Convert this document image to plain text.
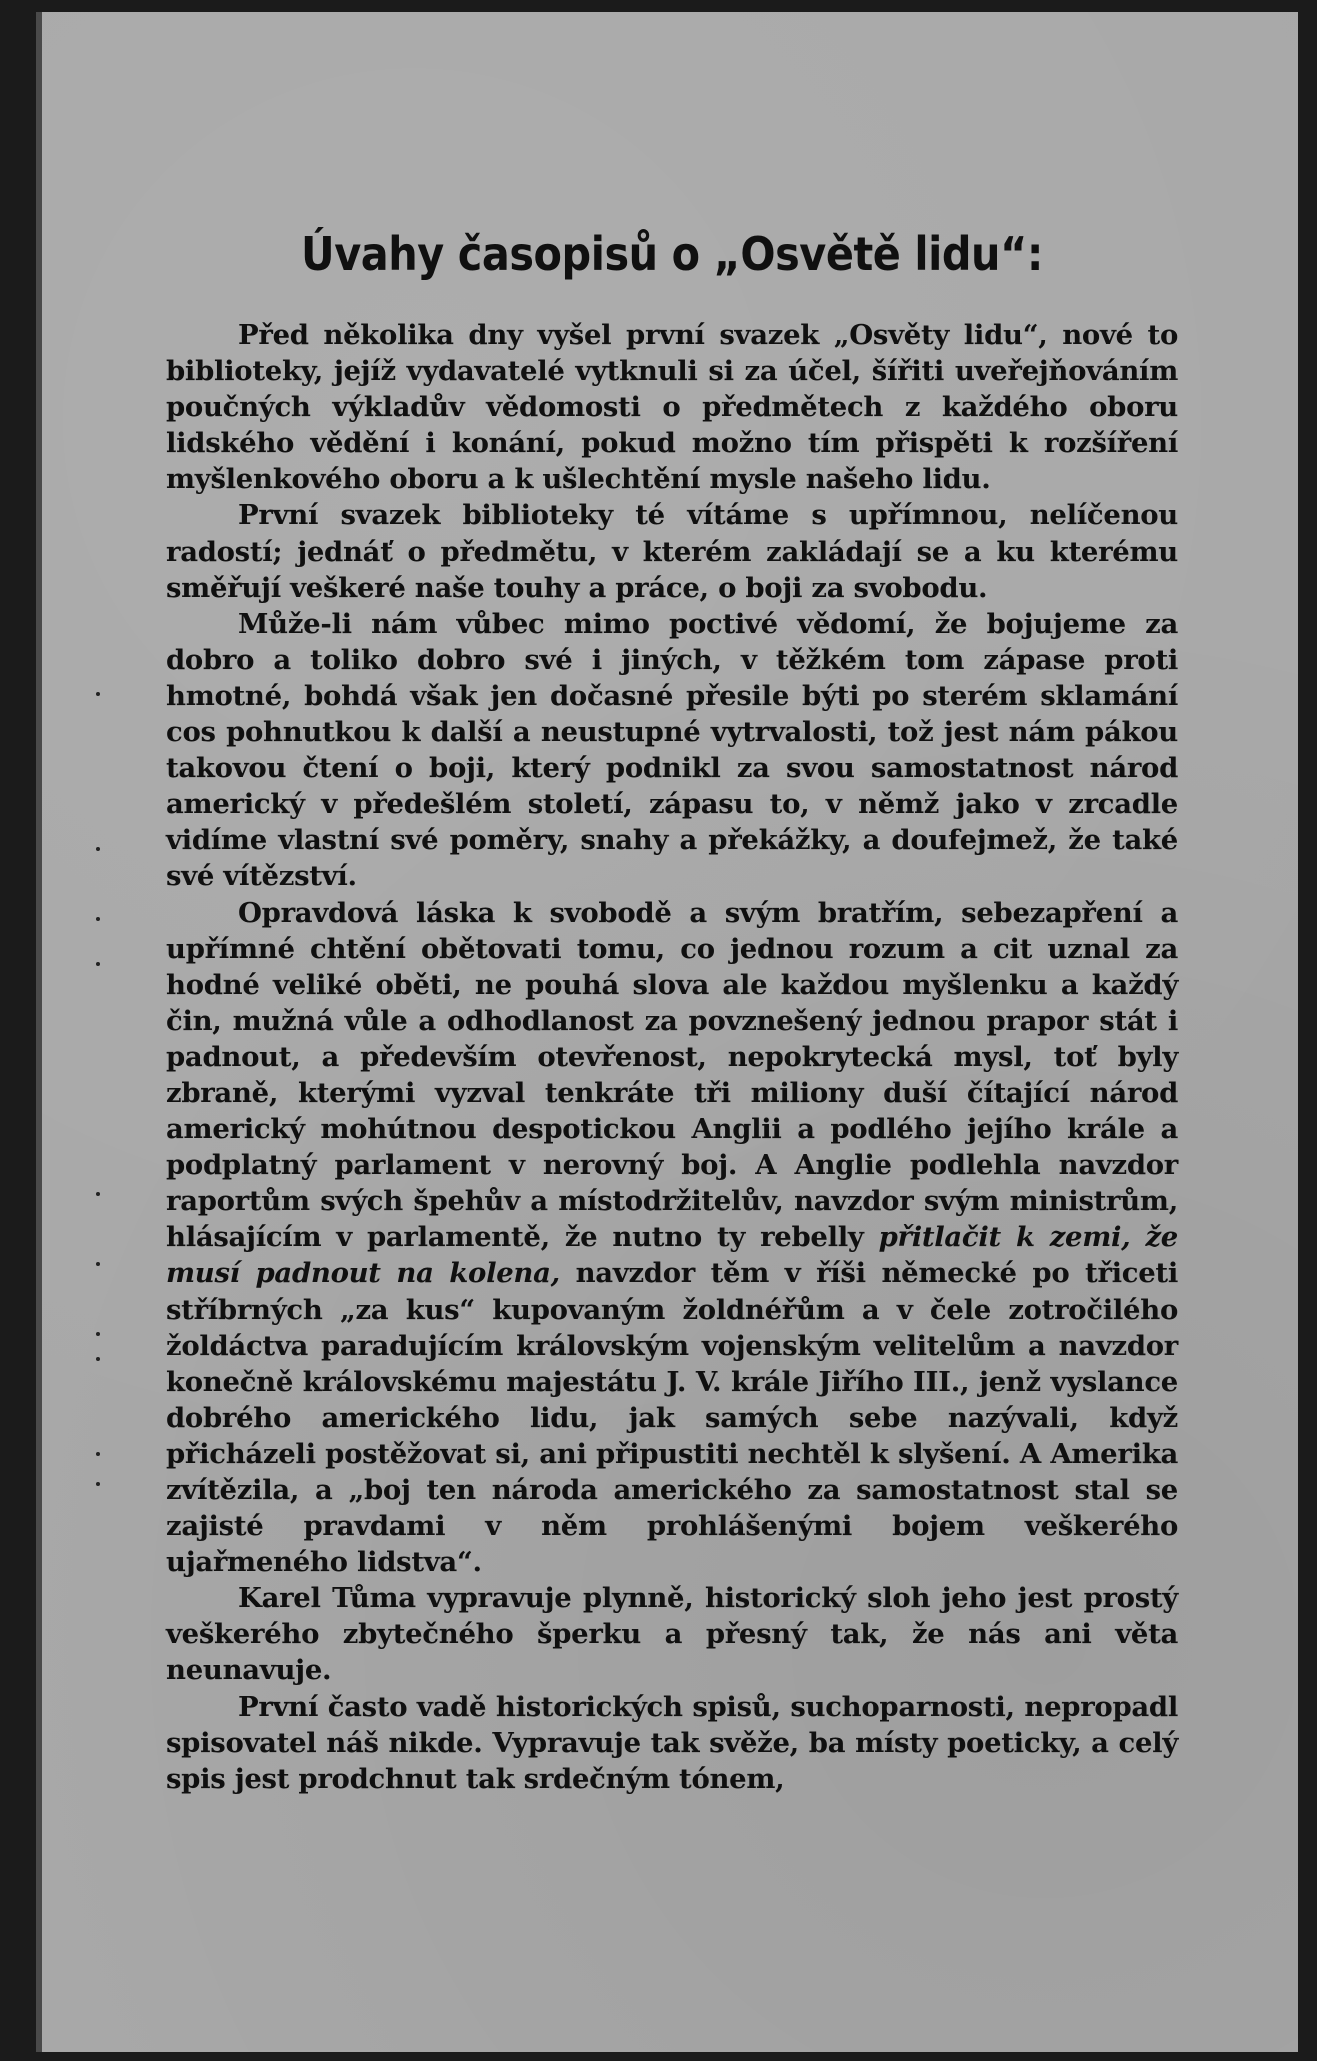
Úvahy časopisů o „Osvětě lidu“:

Před několika dny vyšel první svazek „Osvěty lidu“, nové to biblioteky, jejíž vydavatelé vytknuli si za účel, šířiti uveřejňováním poučných výkladův vědomosti o předmětech z každého oboru lidského vědění i konání, pokud možno tím přispěti k rozšíření myšlenkového oboru a k ušlechtění mysle našeho lidu.

První svazek biblioteky té vítáme s upřímnou, nelíčenou radostí; jednáť o předmětu, v kterém zakládají se a ku kterému směřují veškeré naše touhy a práce, o boji za svobodu.

Může-li nám vůbec mimo poctivé vědomí, že bojujeme za dobro a toliko dobro své i jiných, v těžkém tom zápase proti hmotné, bohdá však jen dočasné přesile býti po sterém sklamání cos pohnutkou k další a neustupné vytrvalosti, tož jest nám pákou takovou čtení o boji, který podnikl za svou samostatnost národ americký v předešlém století, zápasu to, v němž jako v zrcadle vidíme vlastní své poměry, snahy a překážky, a doufejmež, že také své vítězství.

Opravdová láska k svobodě a svým bratřím, sebezapření a upřímné chtění obětovati tomu, co jednou rozum a cit uznal za hodné veliké oběti, ne pouhá slova ale každou myšlenku a každý čin, mužná vůle a odhodlanost za povznešený jednou prapor stát i padnout, a především otevřenost, nepokrytecká mysl, toť byly zbraně, kterými vyzval tenkráte tři miliony duší čítající národ americký mohútnou despotickou Anglii a podlého jejího krále a podplatný parlament v nerovný boj. A Anglie podlehla navzdor raportům svých špehův a místodržitelův, navzdor svým ministrům, hlásajícím v parlamentě, že nutno ty rebelly přitlačit k zemi, že musí padnout na kolena, navzdor těm v říši německé po třiceti stříbrných „za kus“ kupovaným žoldnéřům a v čele zotročilého žoldáctva paradujícím královským vojenským velitelům a navzdor konečně královskému majestátu J. V. krále Jiřího III., jenž vyslance dobrého amerického lidu, jak samých sebe nazývali, když přicházeli postěžovat si, ani připustiti nechtěl k slyšení. A Amerika zvítězila, a „boj ten národa amerického za samostatnost stal se zajisté pravdami v něm prohlášenými bojem veškerého ujařmeného lidstva“.

Karel Tůma vypravuje plynně, historický sloh jeho jest prostý veškerého zbytečného šperku a přesný tak, že nás ani věta neunavuje.

První často vadě historických spisů, suchoparnosti, nepropadl spisovatel náš nikde. Vypravuje tak svěže, ba místy poeticky, a celý spis jest prodchnut tak srdečným tónem,
